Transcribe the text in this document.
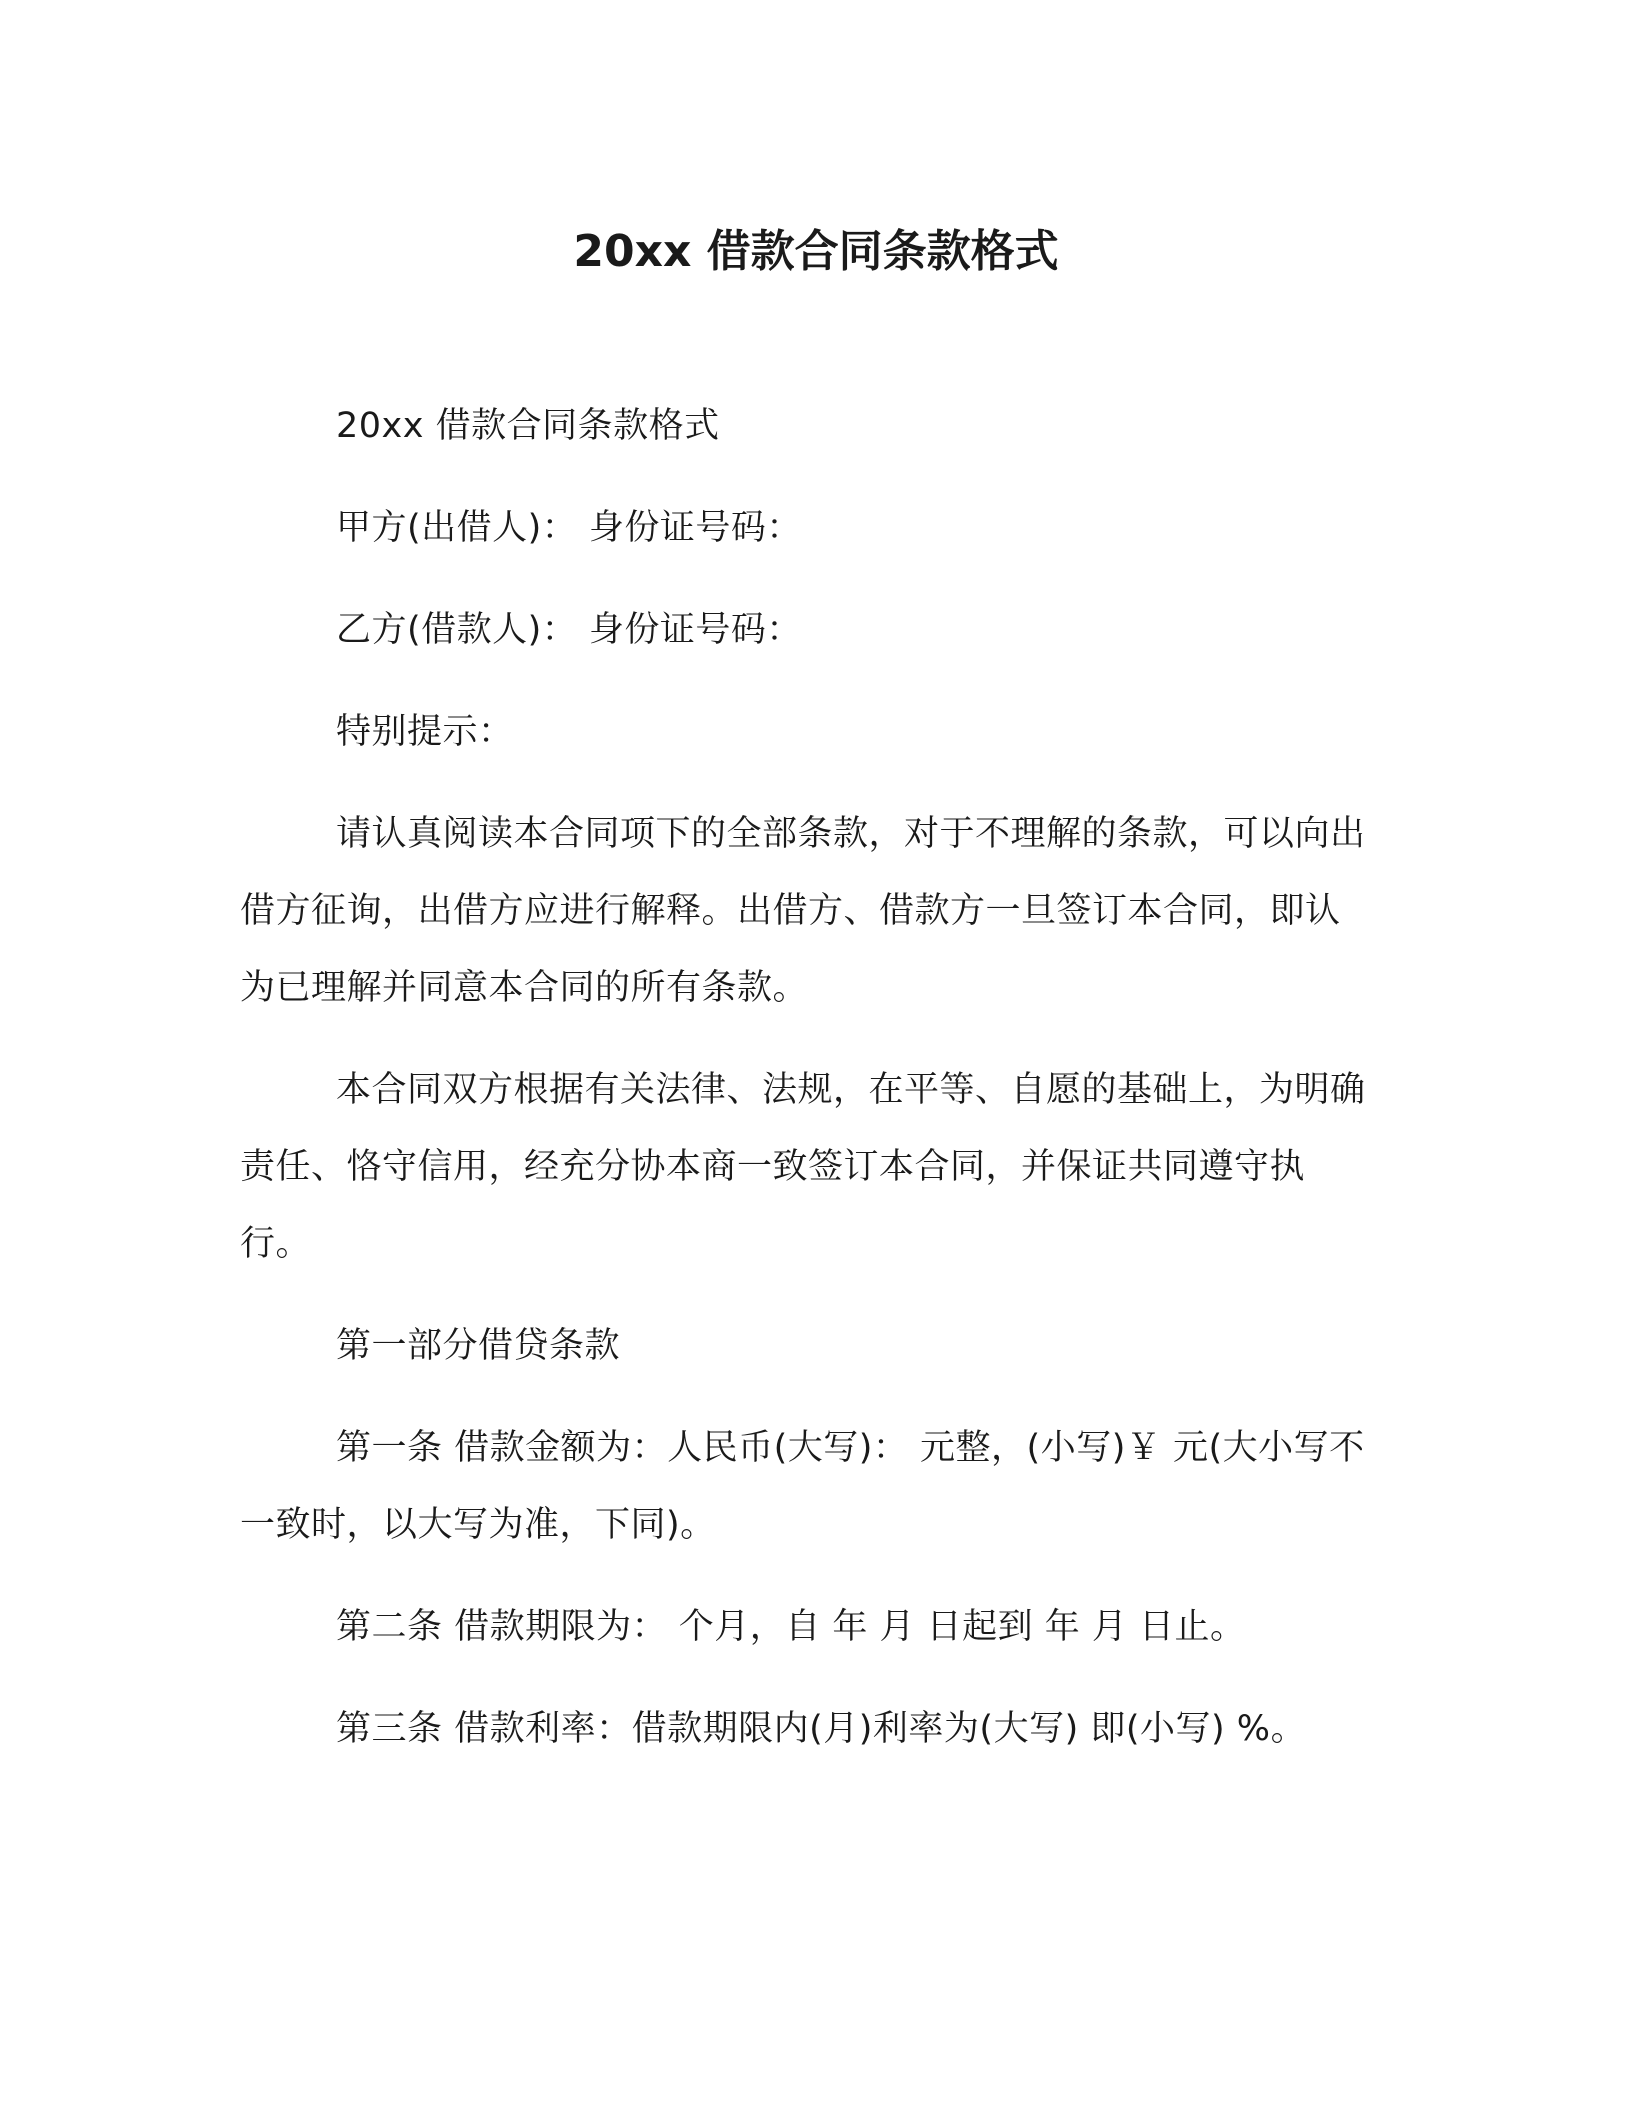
20xx 借款合同条款格式

20xx 借款合同条款格式

甲方(出借人)： 身份证号码：

乙方(借款人)： 身份证号码：

特别提示：

请认真阅读本合同项下的全部条款，对于不理解的条款，可以向出借方征询，出借方应进行解释。出借方、借款方一旦签订本合同，即认为已理解并同意本合同的所有条款。

本合同双方根据有关法律、法规，在平等、自愿的基础上，为明确责任、恪守信用，经充分协本商一致签订本合同，并保证共同遵守执行。

第一部分借贷条款

第一条 借款金额为：人民币(大写)： 元整，(小写)￥ 元(大小写不一致时，以大写为准，下同)。

第二条 借款期限为： 个月，自 年 月 日起到 年 月 日止。

第三条 借款利率：借款期限内(月)利率为(大写) 即(小写) %。
